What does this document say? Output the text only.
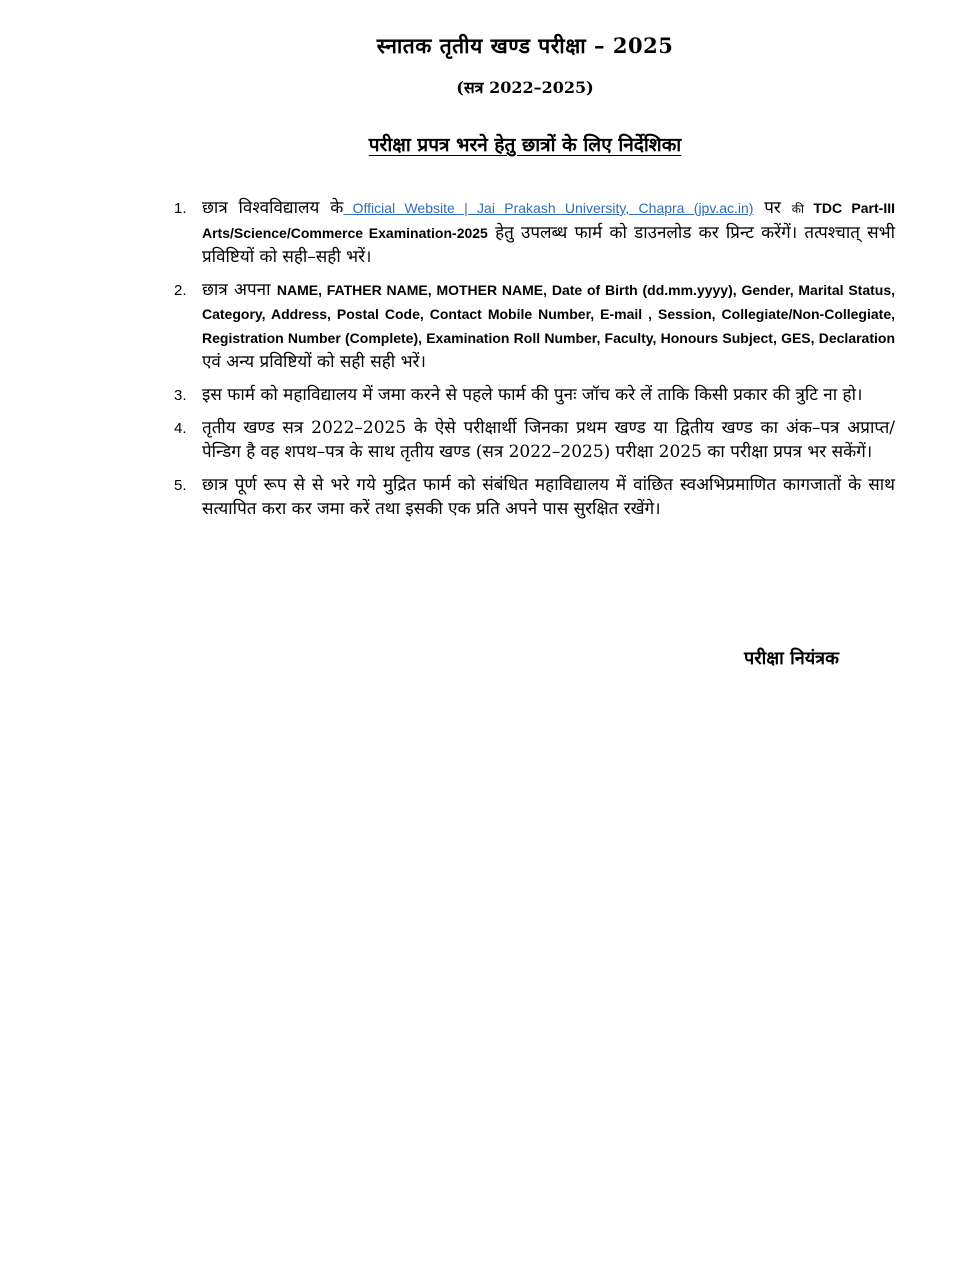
स्नातक तृतीय खण्ड परीक्षा – 2025
(सत्र 2022–2025)
परीक्षा प्रपत्र भरने हेतु छात्रों के लिए निर्देशिका
1. छात्र विश्वविद्यालय के Official Website | Jai Prakash University, Chapra (jpv.ac.in) पर की TDC Part-III Arts/Science/Commerce Examination-2025 हेतु उपलब्ध फार्म को डाउनलोड कर प्रिन्ट करेंगें। तत्पश्चात् सभी प्रविष्टियों को सही–सही भरें।
2. छात्र अपना NAME, FATHER NAME, MOTHER NAME, Date of Birth (dd.mm.yyyy), Gender, Marital Status, Category, Address, Postal Code, Contact Mobile Number, E-mail , Session, Collegiate/Non-Collegiate, Registration Number (Complete), Examination Roll Number, Faculty, Honours Subject, GES, Declaration एवं अन्य प्रविष्टियों को सही सही भरें।
3. इस फार्म को महाविद्यालय में जमा करने से पहले फार्म की पुनः जॉच करे लें ताकि किसी प्रकार की त्रुटि ना हो।
4. तृतीय खण्ड सत्र 2022–2025 के ऐसे परीक्षार्थी जिनका प्रथम खण्ड या द्वितीय खण्ड का अंक–पत्र अप्राप्त/पेन्डिग है वह शपथ–पत्र के साथ तृतीय खण्ड (सत्र 2022–2025) परीक्षा 2025 का परीक्षा प्रपत्र भर सकेंगें।
5. छात्र पूर्ण रूप से से भरे गये मुद्रित फार्म को संबंधित महाविद्यालय में वांछित स्वअभिप्रमाणित कागजातों के साथ सत्यापित करा कर जमा करें तथा इसकी एक प्रति अपने पास सुरक्षित रखेंगे।
परीक्षा नियंत्रक
